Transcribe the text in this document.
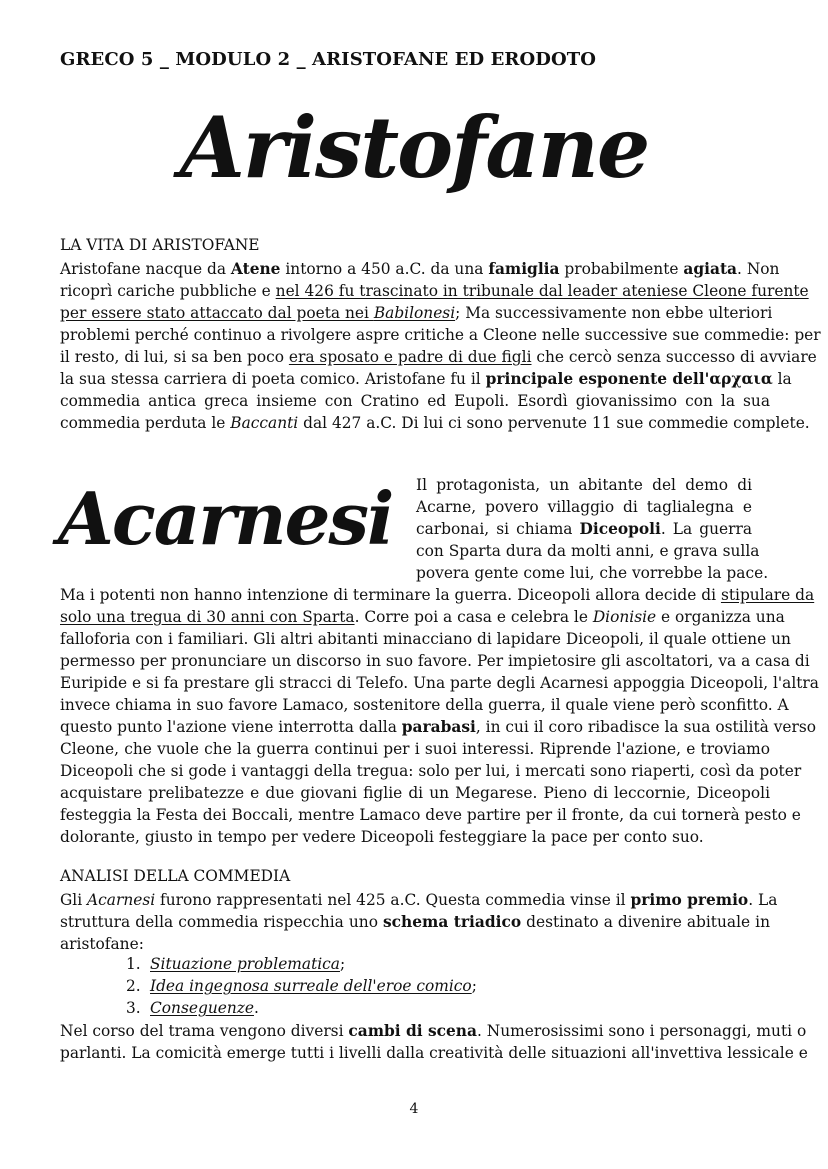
GRECO 5 _ MODULO 2 _ ARISTOFANE ED ERODOTO
Aristofane
LA VITA DI ARISTOFANE
Aristofane nacque da Atene intorno a 450 a.C. da una famiglia probabilmente agiata. Non
ricoprì cariche pubbliche e nel 426 fu trascinato in tribunale dal leader ateniese Cleone furente
per essere stato attaccato dal poeta nei Babilonesi; Ma successivamente non ebbe ulteriori
problemi perché continuo a rivolgere aspre critiche a Cleone nelle successive sue commedie: per
il resto, di lui, si sa ben poco era sposato e padre di due figli che cercò senza successo di avviare
la sua stessa carriera di poeta comico. Aristofane fu il principale esponente dell'αρχαια la
commedia antica greca insieme con Cratino ed Eupoli. Esordì giovanissimo con la sua
commedia perduta le Baccanti dal 427 a.C. Di lui ci sono pervenute 11 sue commedie complete.
Acarnesi Il protagonista, un abitante del demo di
Acarne, povero villaggio di taglialegna e
carbonai, si chiama Diceopoli. La guerra
con Sparta dura da molti anni, e grava sulla
povera gente come lui, che vorrebbe la pace.
Ma i potenti non hanno intenzione di terminare la guerra. Diceopoli allora decide di stipulare da
solo una tregua di 30 anni con Sparta. Corre poi a casa e celebra le Dionisie e organizza una
falloforia con i familiari. Gli altri abitanti minacciano di lapidare Diceopoli, il quale ottiene un
permesso per pronunciare un discorso in suo favore. Per impietosire gli ascoltatori, va a casa di
Euripide e si fa prestare gli stracci di Telefo. Una parte degli Acarnesi appoggia Diceopoli, l'altra
invece chiama in suo favore Lamaco, sostenitore della guerra, il quale viene però sconfitto. A
questo punto l'azione viene interrotta dalla parabasi, in cui il coro ribadisce la sua ostilità verso
Cleone, che vuole che la guerra continui per i suoi interessi. Riprende l'azione, e troviamo
Diceopoli che si gode i vantaggi della tregua: solo per lui, i mercati sono riaperti, così da poter
acquistare prelibatezze e due giovani figlie di un Megarese. Pieno di leccornie, Diceopoli
festeggia la Festa dei Boccali, mentre Lamaco deve partire per il fronte, da cui tornerà pesto e
dolorante, giusto in tempo per vedere Diceopoli festeggiare la pace per conto suo.
ANALISI DELLA COMMEDIA
Gli Acarnesi furono rappresentati nel 425 a.C. Questa commedia vinse il primo premio. La
struttura della commedia rispecchia uno schema triadico destinato a divenire abituale in
aristofane:
1. Situazione problematica;
2. Idea ingegnosa surreale dell'eroe comico;
3. Conseguenze.
Nel corso del trama vengono diversi cambi di scena. Numerosissimi sono i personaggi, muti o
parlanti. La comicità emerge tutti i livelli dalla creatività delle situazioni all'invettiva lessicale e
4
